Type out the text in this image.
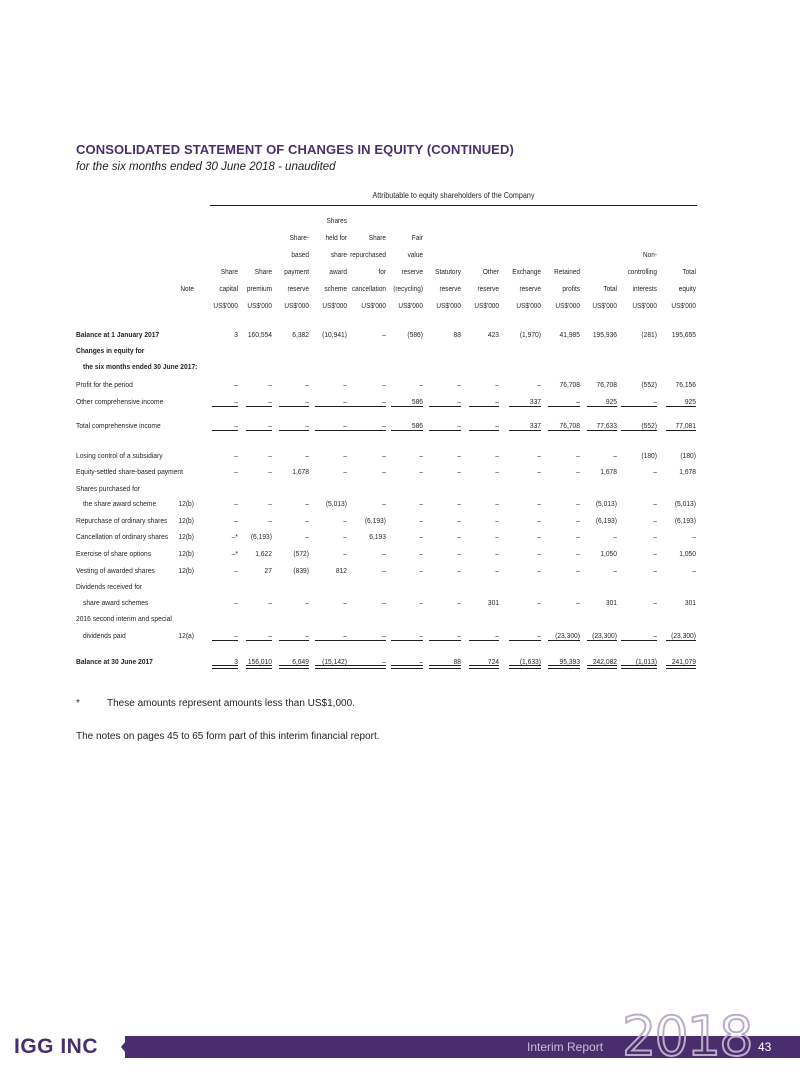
CONSOLIDATED STATEMENT OF CHANGES IN EQUITY (CONTINUED)
for the six months ended 30 June 2018 - unaudited
Attributable to equity shareholders of the Company
Note
Share
capital
US$'000
Share
premium
US$'000
Share-
based
payment
reserve
US$'000
Shares
held for
share
award
scheme
US$'000
Share
repurchased
for
cancellation
US$'000
Fair
value
reserve
(recycling)
US$'000
Statutory
reserve
US$'000
Other
reserve
US$'000
Exchange
reserve
US$'000
Retained
profits
US$'000
Total
US$'000
Non-
controlling
interests
US$'000
Total
equity
US$'000
Balance at 1 January 2017	3	160,554	6,382	(10,941)	–	(586)	88	423	(1,970)	41,985	195,936	(281)	195,655
Changes in equity for
the six months ended 30 June 2017:
Profit for the period	–	–	–	–	–	–	–	–	–	76,708	76,708	(552)	76,156
Other comprehensive income	–	–	–	–	–	586	–	–	337	–	925	–	925
Total comprehensive income	–	–	–	–	–	586	–	–	337	76,708	77,633	(552)	77,081
Losing control of a subsidiary	–	–	–	–	–	–	–	–	–	–	–	(180)	(180)
Equity-settled share-based payment	–	–	1,678	–	–	–	–	–	–	–	1,678	–	1,678
Shares purchased for
the share award scheme	12(b)	–	–	–	(5,013)	–	–	–	–	–	–	(5,013)	–	(5,013)
Repurchase of ordinary shares	12(b)	–	–	–	–	(6,193)	–	–	–	–	–	(6,193)	–	(6,193)
Cancellation of ordinary shares	12(b)	–*	(6,193)	–	–	6,193	–	–	–	–	–	–	–	–
Exercise of share options	12(b)	–*	1,622	(572)	–	–	–	–	–	–	–	1,050	–	1,050
Vesting of awarded shares	12(b)	–	27	(839)	812	–	–	–	–	–	–	–	–	–
Dividends received for
share award schemes	–	–	–	–	–	–	–	301	–	–	301	–	301
2016 second interim and special
dividends paid	12(a)	–	–	–	–	–	–	–	–	–	(23,300)	(23,300)	–	(23,300)
Balance at 30 June 2017	3	156,010	6,649	(15,142)	–	–	88	724	(1,633)	95,393	242,082	(1,013)	241,079
*	These amounts represent amounts less than US$1,000.
The notes on pages 45 to 65 form part of this interim financial report.
IGG INC	Interim Report 2018 43
